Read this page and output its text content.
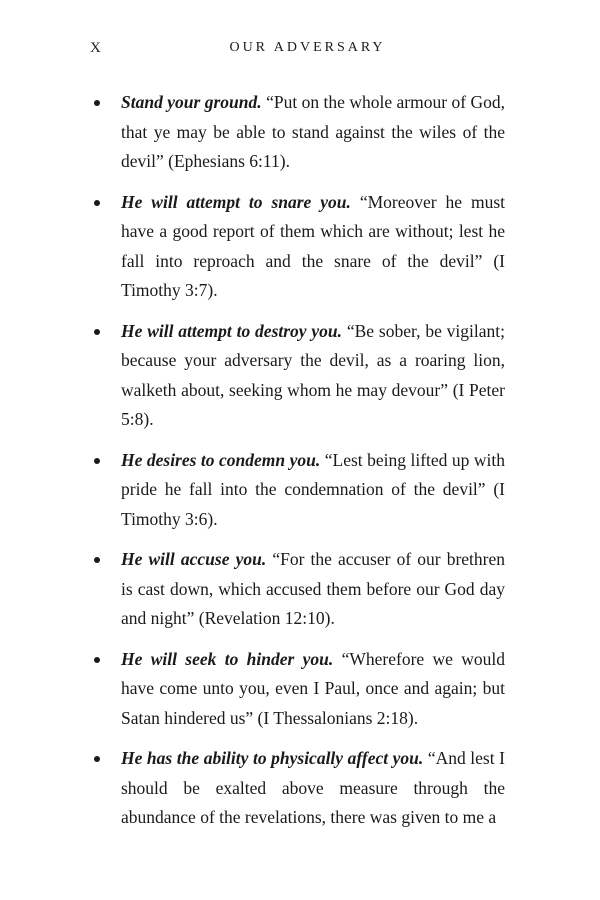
X	OUR ADVERSARY
Stand your ground. “Put on the whole armour of God, that ye may be able to stand against the wiles of the devil” (Ephesians 6:11).
He will attempt to snare you. “Moreover he must have a good report of them which are without; lest he fall into reproach and the snare of the devil” (I Timothy 3:7).
He will attempt to destroy you. “Be sober, be vigilant; because your adversary the devil, as a roaring lion, walketh about, seeking whom he may devour” (I Peter 5:8).
He desires to condemn you. “Lest being lifted up with pride he fall into the condemnation of the devil” (I Timothy 3:6).
He will accuse you. “For the accuser of our brethren is cast down, which accused them before our God day and night” (Revelation 12:10).
He will seek to hinder you. “Wherefore we would have come unto you, even I Paul, once and again; but Satan hindered us” (I Thessalonians 2:18).
He has the ability to physically affect you. “And lest I should be exalted above measure through the abundance of the revelations, there was given to me a
